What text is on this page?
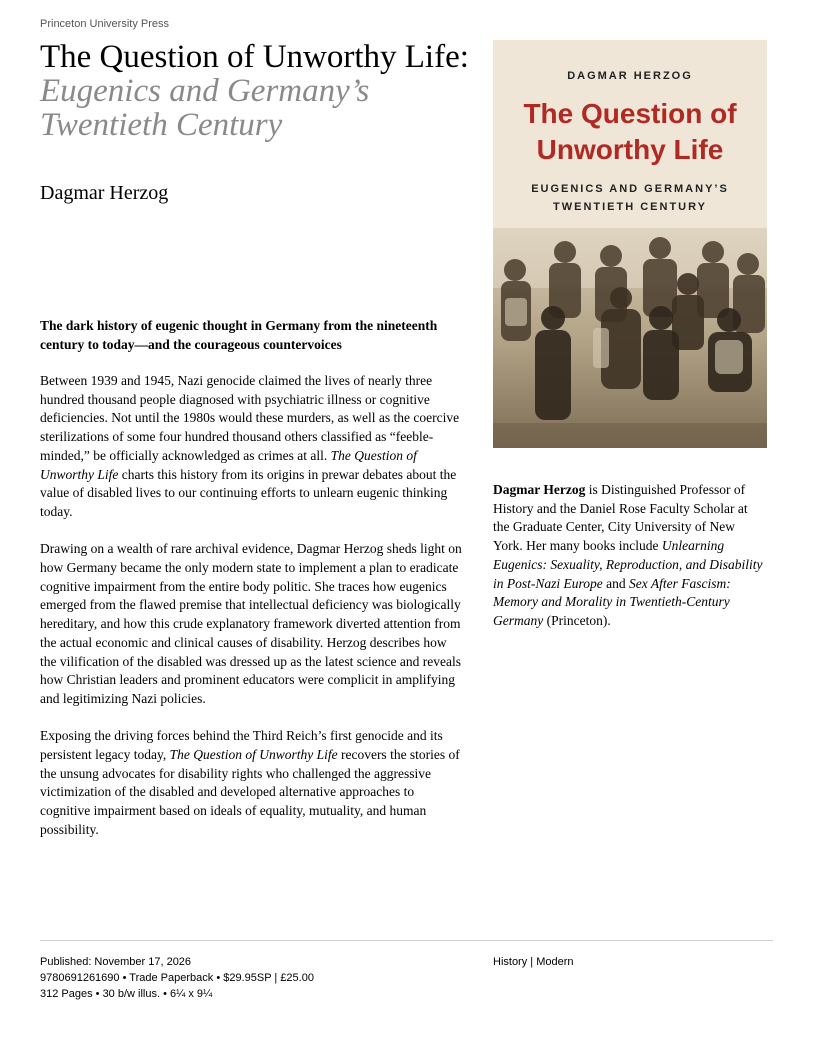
Princeton University Press
The Question of Unworthy Life: Eugenics and Germany’s Twentieth Century
Dagmar Herzog
DAGMAR HERZOG
The Question of
Unworthy Life
EUGENICS AND GERMANY’S
TWENTIETH CENTURY
The dark history of eugenic thought in Germany from the nineteenth century to today—and the courageous countervoices

Between 1939 and 1945, Nazi genocide claimed the lives of nearly three hundred thousand people diagnosed with psychiatric illness or cognitive deficiencies. Not until the 1980s would these murders, as well as the coercive sterilizations of some four hundred thousand others classified as “feeble-minded,” be officially acknowledged as crimes at all. The Question of Unworthy Life charts this history from its origins in prewar debates about the value of disabled lives to our continuing efforts to unlearn eugenic thinking today.

Drawing on a wealth of rare archival evidence, Dagmar Herzog sheds light on how Germany became the only modern state to implement a plan to eradicate cognitive impairment from the entire body politic. She traces how eugenics emerged from the flawed premise that intellectual deficiency was biologically hereditary, and how this crude explanatory framework diverted attention from the actual economic and clinical causes of disability. Herzog describes how the vilification of the disabled was dressed up as the latest science and reveals how Christian leaders and prominent educators were complicit in amplifying and legitimizing Nazi policies.

Exposing the driving forces behind the Third Reich’s first genocide and its persistent legacy today, The Question of Unworthy Life recovers the stories of the unsung advocates for disability rights who challenged the aggressive victimization of the disabled and developed alternative approaches to cognitive impairment based on ideals of equality, mutuality, and human possibility.

Dagmar Herzog is Distinguished Professor of History and the Daniel Rose Faculty Scholar at the Graduate Center, City University of New York. Her many books include Unlearning Eugenics: Sexuality, Reproduction, and Disability in Post-Nazi Europe and Sex After Fascism: Memory and Morality in Twentieth-Century Germany (Princeton).
Published: November 17, 2026
9780691261690 • Trade Paperback • $29.95SP | £25.00
312 Pages • 30 b/w illus. • 6¼ x 9¼
History | Modern
